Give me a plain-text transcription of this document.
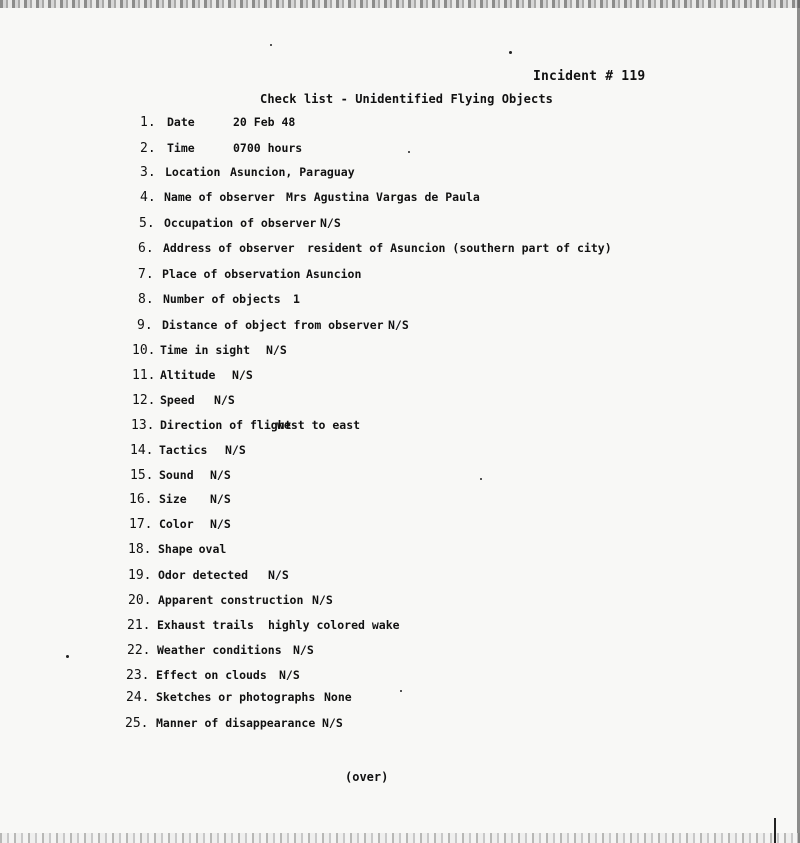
Incident # 119
Check list - Unidentified Flying Objects
1. Date	20 Feb 48
2. Time	0700 hours
3. Location Asuncion, Paraguay
4. Name of observer Mrs Agustina Vargas de Paula
5. Occupation of observer N/S
6. Address of observer resident of Asuncion (southern part of city)
7. Place of observation Asuncion
8. Number of objects 1
9. Distance of object from observer N/S
10. Time in sight N/S
11. Altitude N/S
12. Speed N/S
13. Direction of flight
west to east
14. Tactics N/S
15. Sound N/S
16. Size N/S
17. Color N/S
18. Shape oval
19. Odor detected N/S
20. Apparent construction N/S
21. Exhaust trails highly colored wake
22. Weather conditions N/S
23. Effect on clouds N/S
24. Sketches or photographs None
25. Manner of disappearance N/S
(over)
